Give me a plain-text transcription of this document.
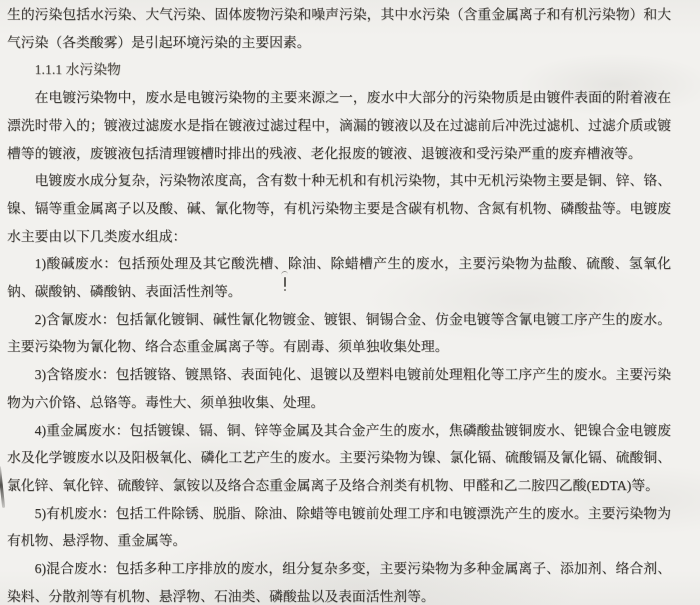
生的污染包括水污染、大气污染、固体废物污染和噪声污染，其中水污染（含重金属离子和有机污染物）和大气污染（各类酸雾）是引起环境污染的主要因素。

1.1.1 水污染物

在电镀污染物中，废水是电镀污染物的主要来源之一，废水中大部分的污染物质是由镀件表面的附着液在漂洗时带入的；镀液过滤废水是指在镀液过滤过程中，滴漏的镀液以及在过滤前后冲洗过滤机、过滤介质或镀槽等的镀液，废镀液包括清理镀槽时排出的残液、老化报废的镀液、退镀液和受污染严重的废弃槽液等。

电镀废水成分复杂，污染物浓度高，含有数十种无机和有机污染物，其中无机污染物主要是铜、锌、铬、镍、镉等重金属离子以及酸、碱、氰化物等，有机污染物主要是含碳有机物、含氮有机物、磷酸盐等。电镀废水主要由以下几类废水组成：

1)酸碱废水：包括预处理及其它酸洗槽、除油、除蜡槽产生的废水，主要污染物为盐酸、硫酸、氢氧化钠、碳酸钠、磷酸钠、表面活性剂等。

2)含氰废水：包括氰化镀铜、碱性氰化物镀金、镀银、铜锡合金、仿金电镀等含氰电镀工序产生的废水。主要污染物为氰化物、络合态重金属离子等。有剧毒、须单独收集处理。

3)含铬废水：包括镀铬、镀黑铬、表面钝化、退镀以及塑料电镀前处理粗化等工序产生的废水。主要污染物为六价铬、总铬等。毒性大、须单独收集、处理。

4)重金属废水：包括镀镍、镉、铜、锌等金属及其合金产生的废水，焦磷酸盐镀铜废水、钯镍合金电镀废水及化学镀废水以及阳极氧化、磷化工艺产生的废水。主要污染物为镍、氯化镉、硫酸镉及氰化镉、硫酸铜、氯化锌、氧化锌、硫酸锌、氯铵以及络合态重金属离子及络合剂类有机物、甲醛和乙二胺四乙酸(EDTA)等。

5)有机废水：包括工件除锈、脱脂、除油、除蜡等电镀前处理工序和电镀漂洗产生的废水。主要污染物为有机物、悬浮物、重金属等。

6)混合废水：包括多种工序排放的废水，组分复杂多变，主要污染物为多种金属离子、添加剂、络合剂、染料、分散剂等有机物、悬浮物、石油类、磷酸盐以及表面活性剂等。
